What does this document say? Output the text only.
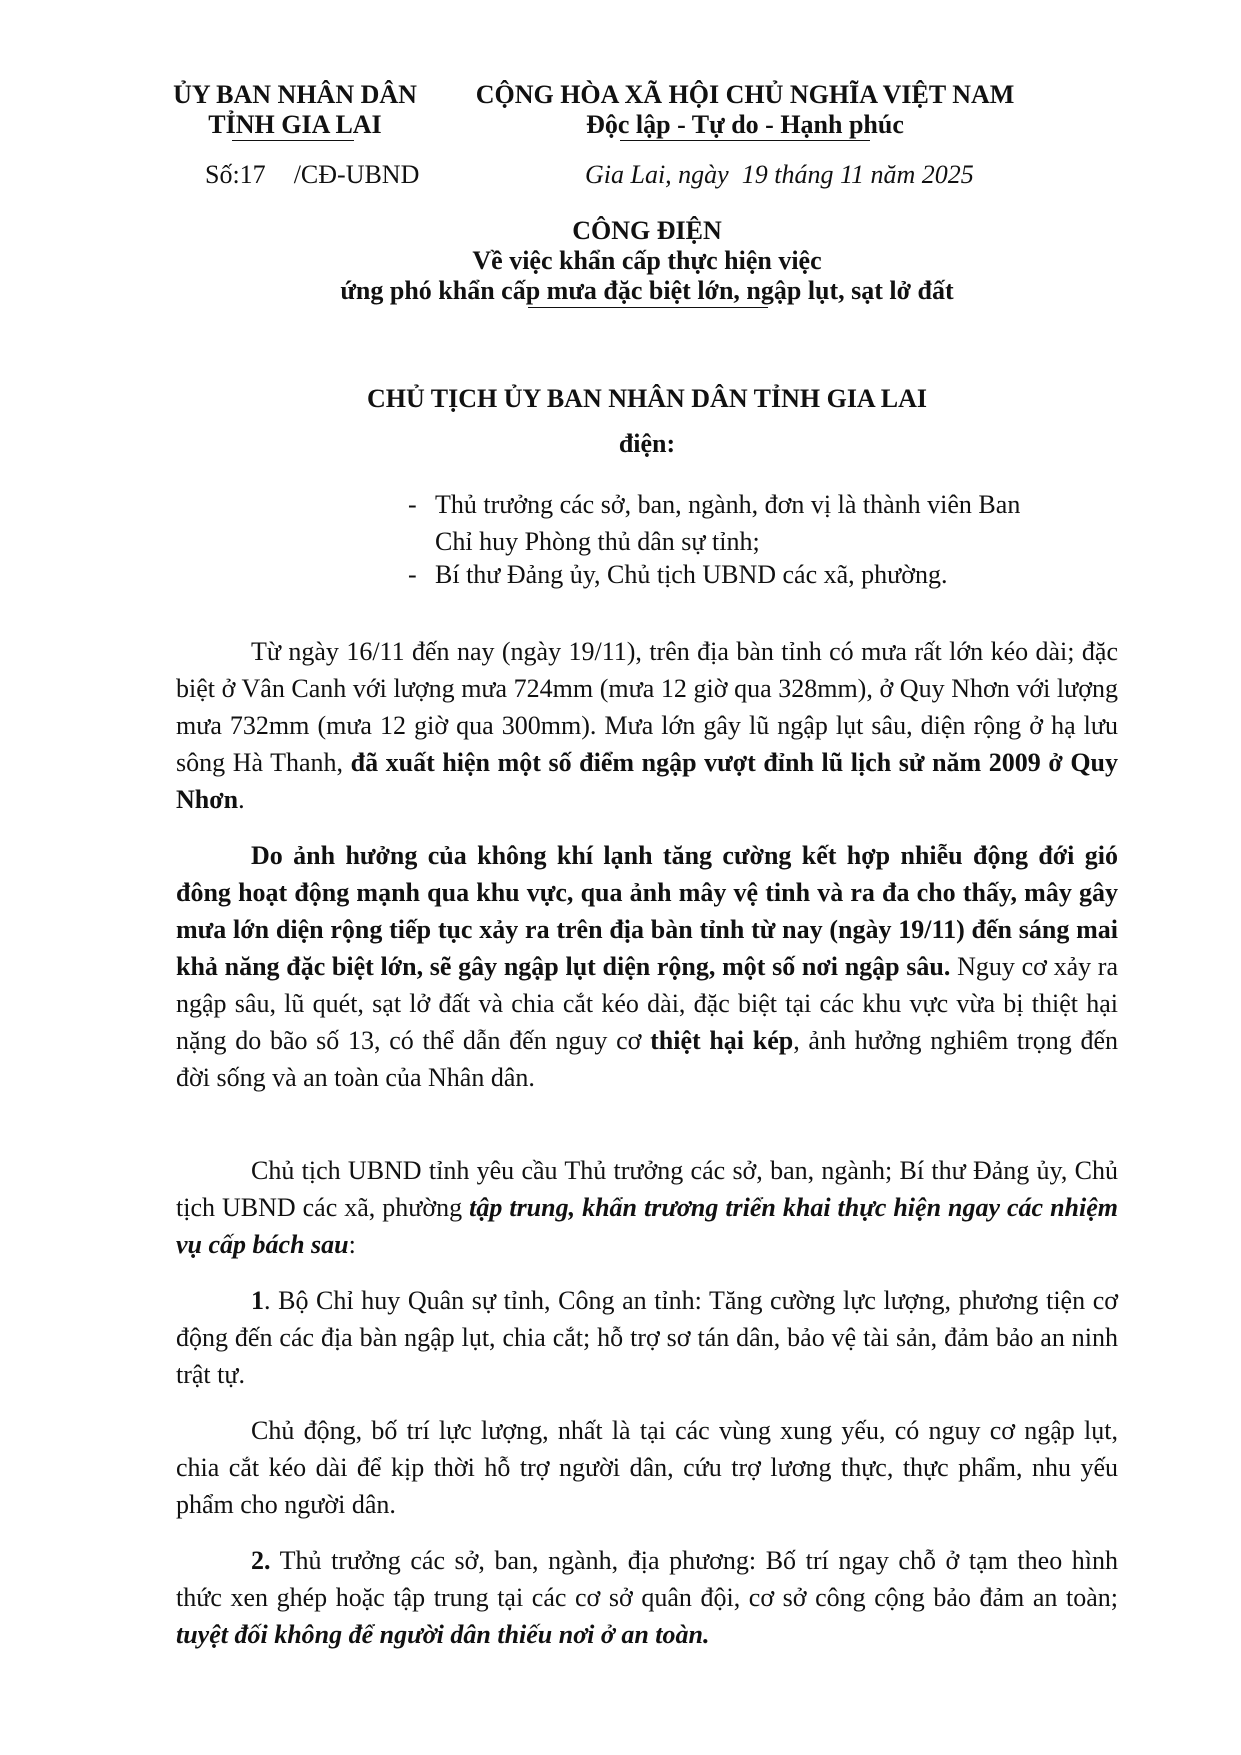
ỦY BAN NHÂN DÂN
TỈNH GIA LAI
CỘNG HÒA XÃ HỘI CHỦ NGHĨA VIỆT NAM
Độc lập - Tự do - Hạnh phúc
Số:17 /CĐ-UBND	Gia Lai, ngày  19 tháng 11 năm 2025
CÔNG ĐIỆN
Về việc khẩn cấp thực hiện việc
ứng phó khẩn cấp mưa đặc biệt lớn, ngập lụt, sạt lở đất
CHỦ TỊCH ỦY BAN NHÂN DÂN TỈNH GIA LAI
điện:
- Thủ trưởng các sở, ban, ngành, đơn vị là thành viên Ban
Chỉ huy Phòng thủ dân sự tỉnh;
- Bí thư Đảng ủy, Chủ tịch UBND các xã, phường.
Từ ngày 16/11 đến nay (ngày 19/11), trên địa bàn tỉnh có mưa rất lớn kéo dài; đặc biệt ở Vân Canh với lượng mưa 724mm (mưa 12 giờ qua 328mm), ở Quy Nhơn với lượng mưa 732mm (mưa 12 giờ qua 300mm). Mưa lớn gây lũ ngập lụt sâu, diện rộng ở hạ lưu sông Hà Thanh, đã xuất hiện một số điểm ngập vượt đỉnh lũ lịch sử năm 2009 ở Quy Nhơn.
Do ảnh hưởng của không khí lạnh tăng cường kết hợp nhiễu động đới gió đông hoạt động mạnh qua khu vực, qua ảnh mây vệ tinh và ra đa cho thấy, mây gây mưa lớn diện rộng tiếp tục xảy ra trên địa bàn tỉnh từ nay (ngày 19/11) đến sáng mai khả năng đặc biệt lớn, sẽ gây ngập lụt diện rộng, một số nơi ngập sâu. Nguy cơ xảy ra ngập sâu, lũ quét, sạt lở đất và chia cắt kéo dài, đặc biệt tại các khu vực vừa bị thiệt hại nặng do bão số 13, có thể dẫn đến nguy cơ thiệt hại kép, ảnh hưởng nghiêm trọng đến đời sống và an toàn của Nhân dân.
Chủ tịch UBND tỉnh yêu cầu Thủ trưởng các sở, ban, ngành; Bí thư Đảng ủy, Chủ tịch UBND các xã, phường tập trung, khẩn trương triển khai thực hiện ngay các nhiệm vụ cấp bách sau:
1. Bộ Chỉ huy Quân sự tỉnh, Công an tỉnh: Tăng cường lực lượng, phương tiện cơ động đến các địa bàn ngập lụt, chia cắt; hỗ trợ sơ tán dân, bảo vệ tài sản, đảm bảo an ninh trật tự.
Chủ động, bố trí lực lượng, nhất là tại các vùng xung yếu, có nguy cơ ngập lụt, chia cắt kéo dài để kịp thời hỗ trợ người dân, cứu trợ lương thực, thực phẩm, nhu yếu phẩm cho người dân.
2. Thủ trưởng các sở, ban, ngành, địa phương: Bố trí ngay chỗ ở tạm theo hình thức xen ghép hoặc tập trung tại các cơ sở quân đội, cơ sở công cộng bảo đảm an toàn; tuyệt đối không để người dân thiếu nơi ở an toàn.
